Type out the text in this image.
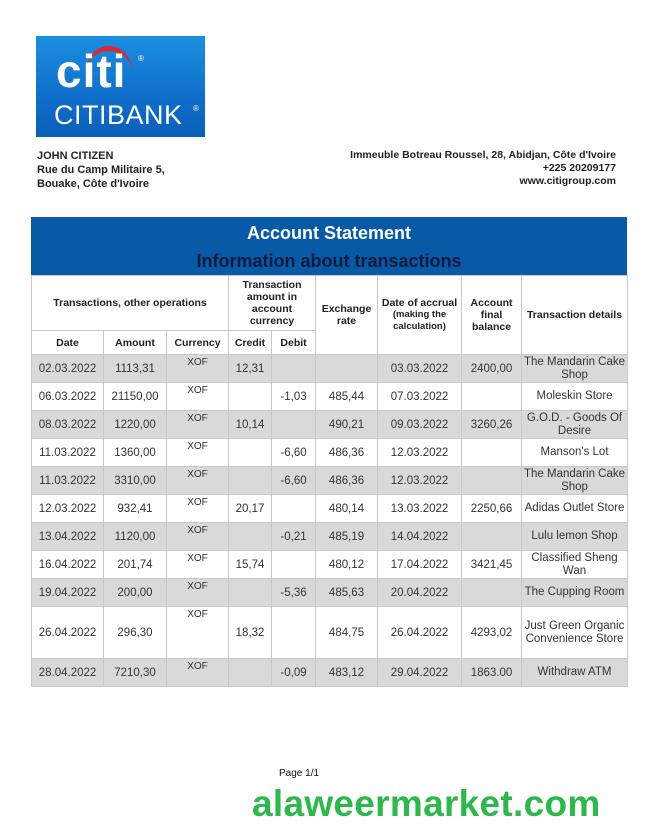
citi ®
CITIBANK ®
JOHN CITIZEN
Rue du Camp Militaire 5,
Bouake, Côte d'Ivoire
Immeuble Botreau Roussel, 28, Abidjan, Côte d'Ivoire
+225 20209177
www.citigroup.com
Account Statement
Information about transactions
Transactions, other operations			Transaction amount in account currency		Exchange rate	Date of accrual
(making the calculation)	Account final balance	Transaction details
Date	Amount	Currency	Credit	Debit				
02.03.2022	1113,31	XOF	12,31			03.03.2022	2400,00	The Mandarin Cake Shop
06.03.2022	21150,00	XOF		-1,03	485,44	07.03.2022		Moleskin Store
08.03.2022	1220,00	XOF	10,14		490,21	09.03.2022	3260,26	G.O.D. - Goods Of Desire
11.03.2022	1360,00	XOF		-6,60	486,36	12.03.2022		Manson's Lot
11.03.2022	3310,00	XOF		-6,60	486,36	12.03.2022		The Mandarin Cake Shop
12.03.2022	932,41	XOF	20,17		480,14	13.03.2022	2250,66	Adidas Outlet Store
13.04.2022	1120,00	XOF		-0,21	485,19	14.04.2022		Lulu lemon Shop
16.04.2022	201,74	XOF	15,74		480,12	17.04.2022	3421,45	Classified Sheng Wan
19.04.2022	200,00	XOF		-5,36	485,63	20.04.2022		The Cupping Room
26.04.2022	296,30	XOF	18,32		484,75	26.04.2022	4293,02	Just Green Organic Convenience Store
28.04.2022	7210,30	XOF		-0,09	483,12	29.04.2022	1863.00	Withdraw ATM
Page 1/1
alaweermarket.com
